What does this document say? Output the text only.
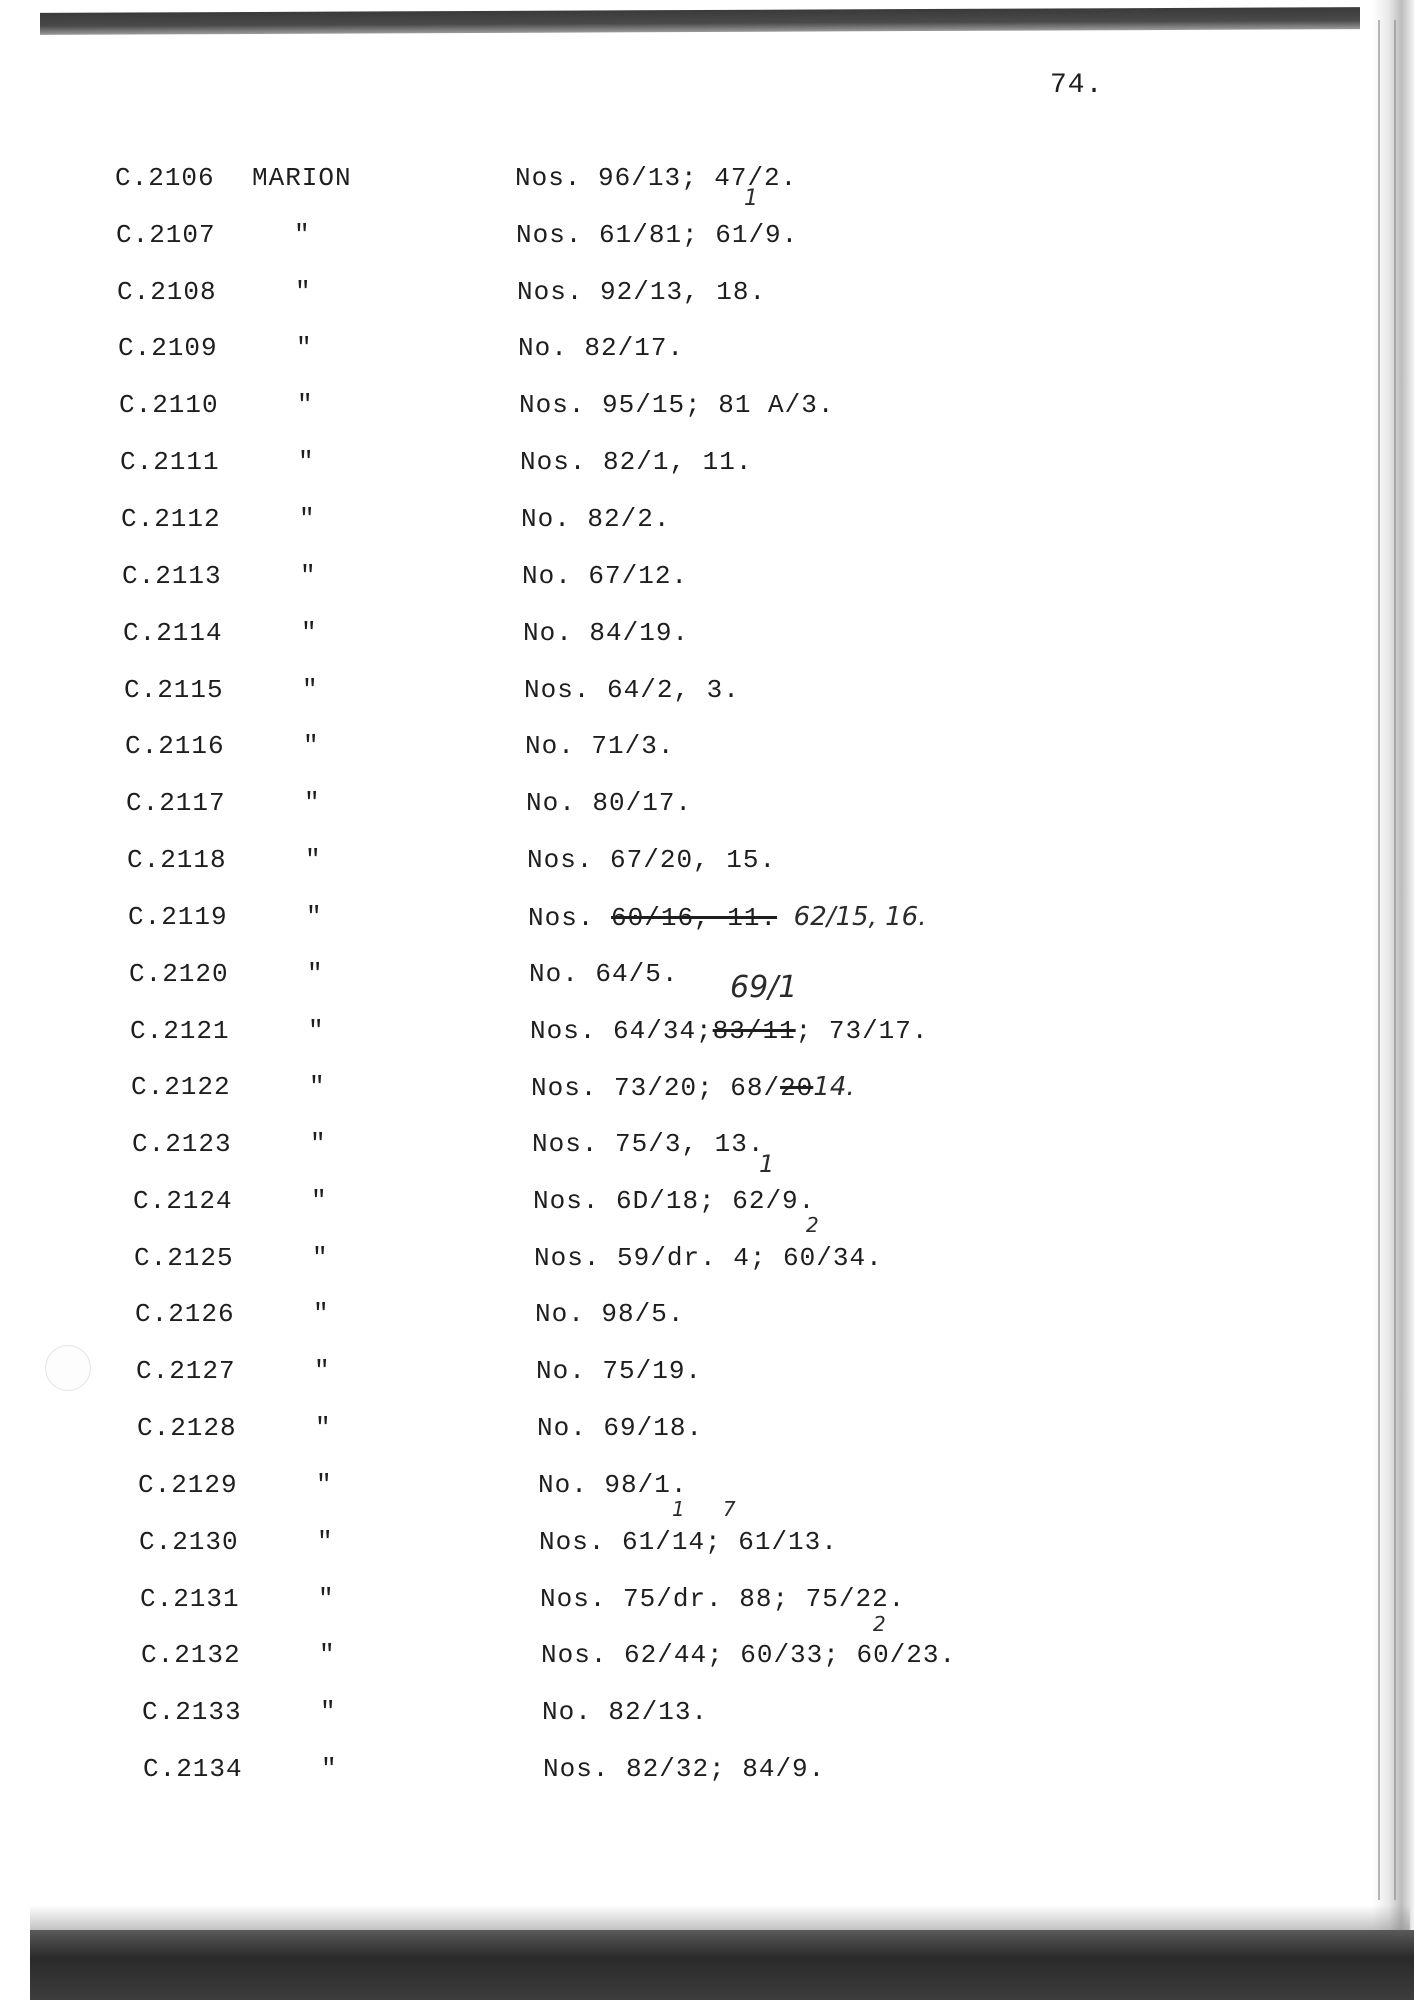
74.
C.2106 MARION	Nos. 96/13; 47/2.
C.2107	"	Nos. 61/81; 61/9.
1
C.2108	"	Nos. 92/13, 18.
C.2109	"	No. 82/17.
C.2110	"	Nos. 95/15; 81 A/3.
C.2111	"	Nos. 82/1, 11.
C.2112	"	No. 82/2.
C.2113	"	No. 67/12.
C.2114	"	No. 84/19.
C.2115	"	Nos. 64/2, 3.
C.2116	"	No. 71/3.
C.2117	"	No. 80/17.
C.2118	"	Nos. 67/20, 15.
C.2119	"	Nos. 60/16, 11. 62/15, 16.
C.2120	"	No. 64/5.
C.2121	"	Nos. 64/34;83/11; 73/17.
69/1
C.2122	"	Nos. 73/20; 68/2014.
C.2123	"	Nos. 75/3, 13.
C.2124	"	Nos. 6D/18; 62/9.
1
C.2125	"	Nos. 59/dr. 4; 60/34.
2
C.2126	"	No. 98/5.
C.2127	"	No. 75/19.
C.2128	"	No. 69/18.
C.2129	"	No. 98/1.
C.2130	"	Nos. 61/14; 61/13.
1      7
C.2131	"	Nos. 75/dr. 88; 75/22.
C.2132	"	Nos. 62/44; 60/33; 60/23.
2
C.2133	"	No. 82/13.
C.2134	"	Nos. 82/32; 84/9.
